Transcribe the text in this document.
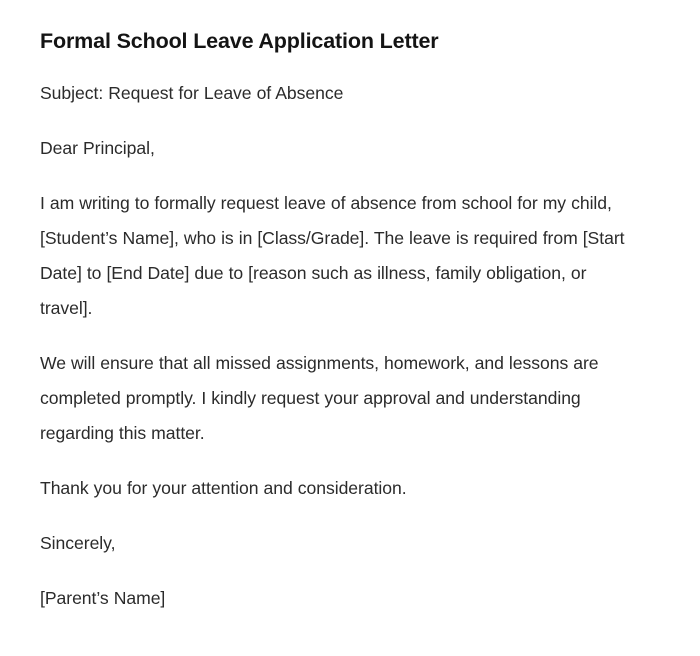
Formal School Leave Application Letter

Subject: Request for Leave of Absence

Dear Principal,

I am writing to formally request leave of absence from school for my child, [Student’s Name], who is in [Class/Grade]. The leave is required from [Start Date] to [End Date] due to [reason such as illness, family obligation, or travel].

We will ensure that all missed assignments, homework, and lessons are completed promptly. I kindly request your approval and understanding regarding this matter.

Thank you for your attention and consideration.

Sincerely,

[Parent’s Name]
